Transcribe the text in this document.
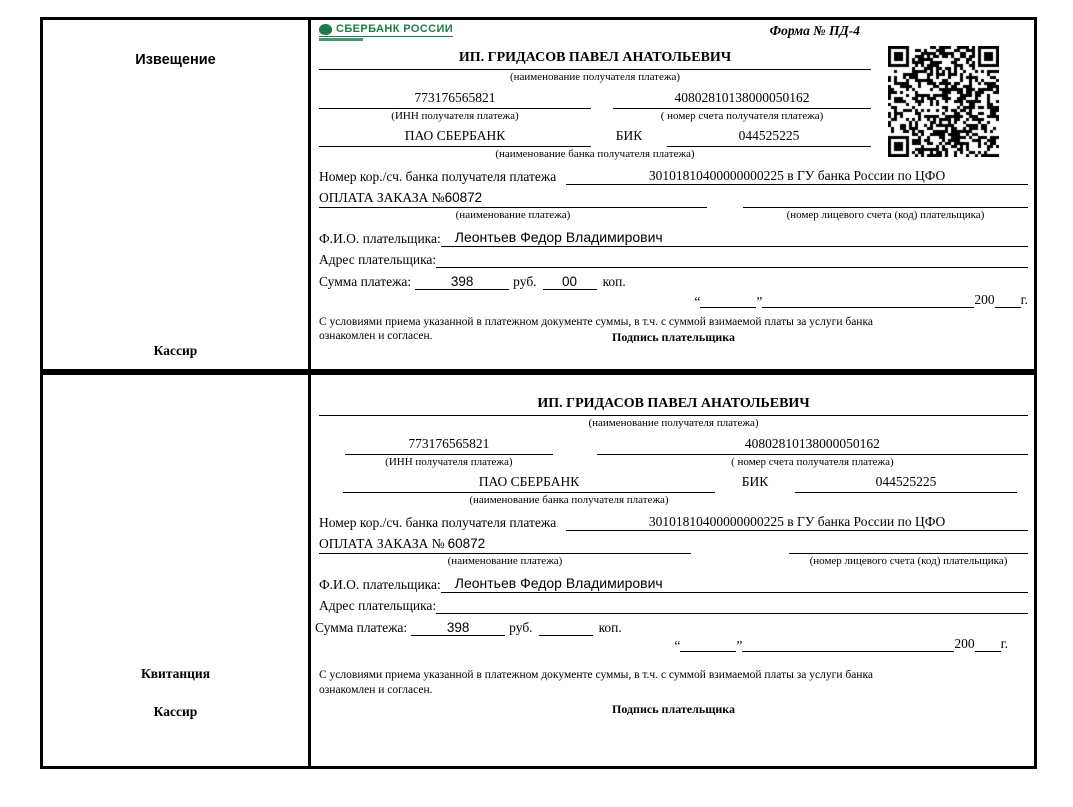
Извещение
Кассир
СБЕРБАНК РОССИИ	Форма № ПД-4
ИП. ГРИДАСОВ ПАВЕЛ АНАТОЛЬЕВИЧ
(наименование получателя платежа)
773176565821
(ИНН получателя платежа)
40802810138000050162
( номер счета получателя платежа)
ПАО СБЕРБАНК	БИК	044525225
(наименование банка получателя платежа)
Номер кор./сч. банка получателя платежа	30101810400000000225 в ГУ банка России по ЦФО
ОПЛАТА ЗАКАЗА №60872
(наименование платежа)	(номер лицевого счета (код) плательщика)
Ф.И.О. плательщика:	Леонтьев Федор Владимирович
Адрес плательщика:
Сумма платежа:	398	руб.	00	коп.
“	”	200 г.
С условиями приема указанной в платежном документе суммы, в т.ч. с суммой взимаемой платы за услуги банка
ознакомлен и согласен.	Подпись плательщика
Квитанция
Кассир
ИП. ГРИДАСОВ ПАВЕЛ АНАТОЛЬЕВИЧ
(наименование получателя платежа)
773176565821
(ИНН получателя платежа)
40802810138000050162
( номер счета получателя платежа)
ПАО СБЕРБАНК	БИК	044525225
(наименование банка получателя платежа)
Номер кор./сч. банка получателя платежа	30101810400000000225 в ГУ банка России по ЦФО
ОПЛАТА ЗАКАЗА № 60872
(наименование платежа)	(номер лицевого счета (код) плательщика)
Ф.И.О. плательщика:	Леонтьев Федор Владимирович
Адрес плательщика:
Сумма платежа:	398	руб.	коп.
“	”	200 г.
С условиями приема указанной в платежном документе суммы, в т.ч. с суммой взимаемой платы за услуги банка
ознакомлен и согласен.
Подпись плательщика
